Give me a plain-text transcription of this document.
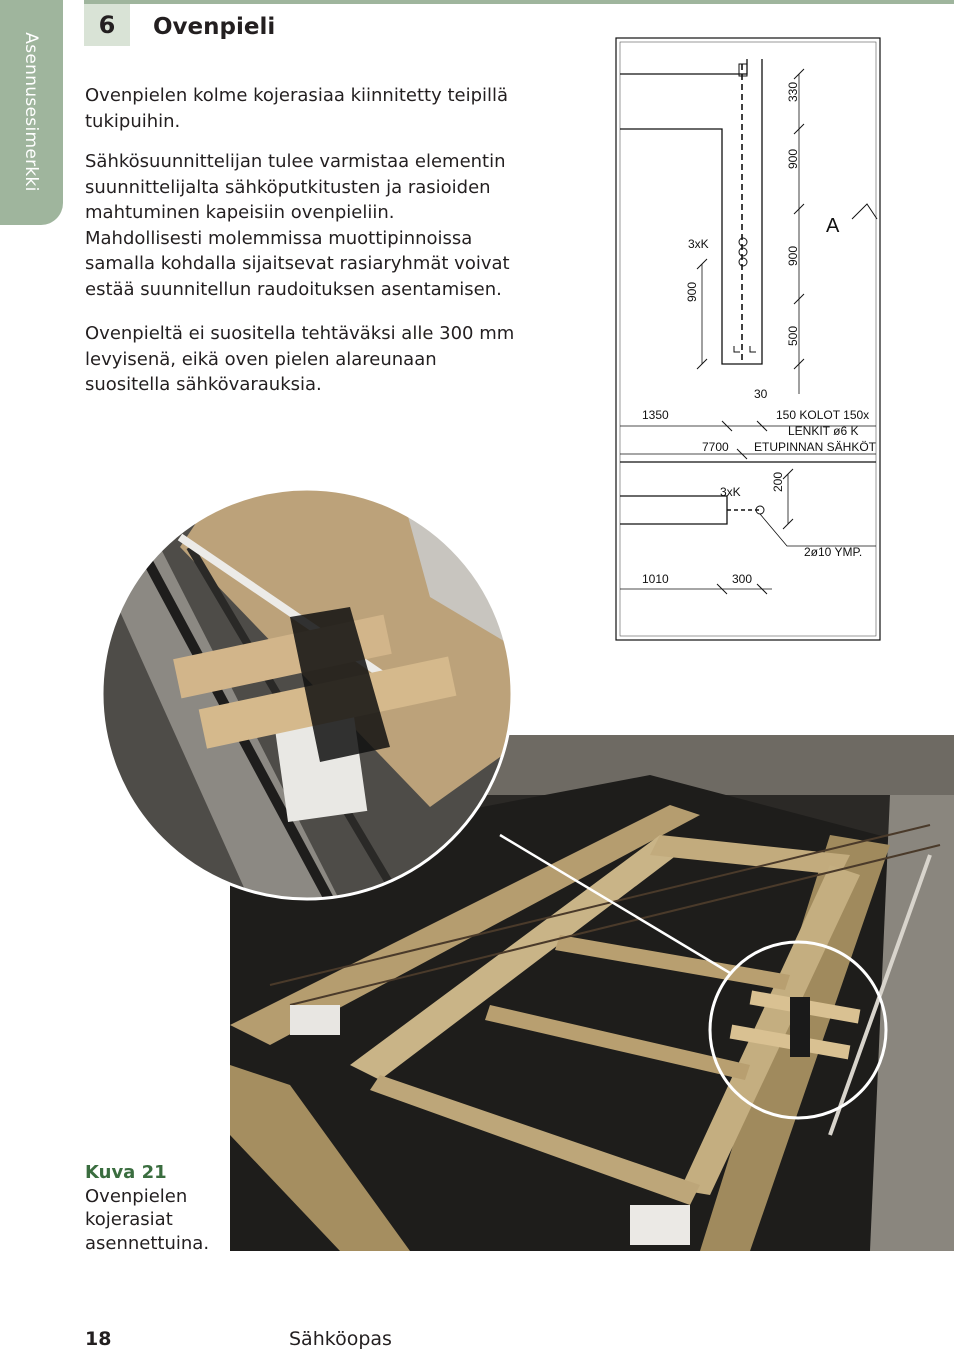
Asennusesimerkki
6	Ovenpieli
Ovenpielen kolme kojerasiaa kiinnitetty teipillä tukipuihin.
Sähkösuunnittelijan tulee varmistaa elementin suunnittelijalta sähköputkitusten ja rasioiden mahtuminen kapeisiin ovenpieliin. Mahdollisesti molemmissa muottipinnoissa samalla kohdalla sijaitsevat rasiaryhmät voivat estää suunnitellun raudoituksen asentamisen.
Ovenpieltä ei suositella tehtäväksi alle 300 mm levyisenä, eikä oven pielen alareunaan suositella sähkövarauksia.
3xK
900
330
900
900
500
A
30
1350	150 KOLOT 150x
LENKIT ø6 K
7700 ETUPINNAN SÄHKÖT
3xK	200
2ø10 YMP.
1010	300
Kuva 21
Ovenpielen
kojerasiat
asennettuina.
18	Sähköopas
